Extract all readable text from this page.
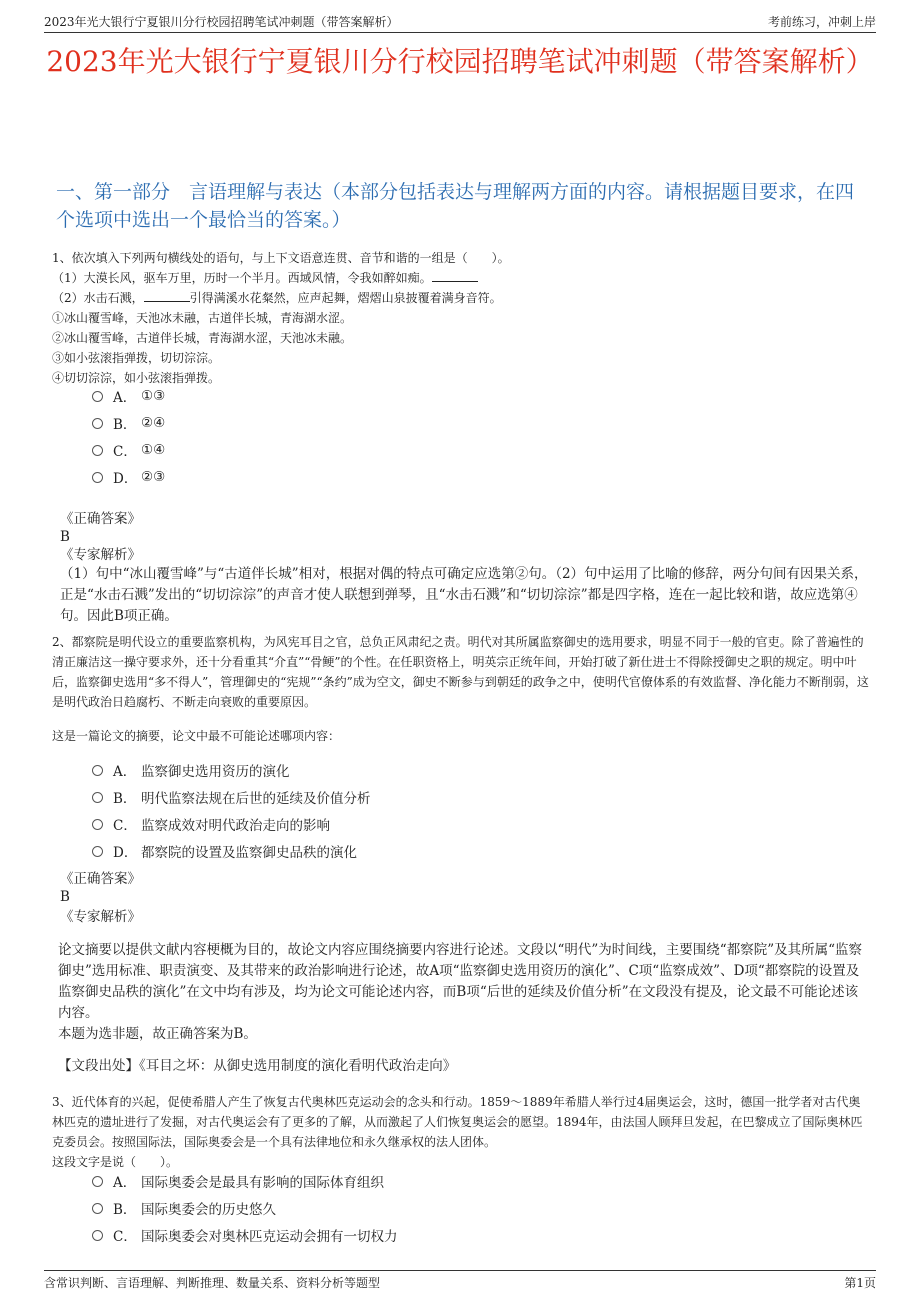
2023年光大银行宁夏银川分行校园招聘笔试冲刺题（带答案解析）	考前练习，冲刺上岸
2023年光大银行宁夏银川分行校园招聘笔试冲刺题（带答案解析）
一、第一部分　言语理解与表达（本部分包括表达与理解两方面的内容。请根据题目要求，在四个选项中选出一个最恰当的答案。）

1、依次填入下列两句横线处的语句，与上下文语意连贯、音节和谐的一组是（　　）。

（1）大漠长风，驱车万里，历时一个半月。西域风情，令我如醉如痴。

（2）水击石溅，	引得满溪水花粲然，应声起舞，熠熠山泉披覆着满身音符。

①冰山覆雪峰，天池冰未融，古道伴长城，青海湖水涩。

②冰山覆雪峰，古道伴长城，青海湖水涩，天池冰未融。

③如小弦滚指弹拨，切切淙淙。

④切切淙淙，如小弦滚指弹拨。

A． ①③
B． ②④
C． ①④
D． ②③
《正确答案》
B
《专家解析》

（1）句中“冰山覆雪峰”与“古道伴长城”相对，根据对偶的特点可确定应选第②句。（2）句中运用了比喻的修辞，两分句间有因果关系，正是“水击石溅”发出的“切切淙淙”的声音才使人联想到弹琴，且“水击石溅”和“切切淙淙”都是四字格，连在一起比较和谐，故应选第④句。因此B项正确。

2、都察院是明代设立的重要监察机构，为风宪耳目之官，总负正风肃纪之责。明代对其所属监察御史的选用要求，明显不同于一般的官吏。除了普遍性的清正廉洁这一操守要求外，还十分看重其“介直”“骨鲠”的个性。在任职资格上，明英宗正统年间，开始打破了新仕进士不得除授御史之职的规定。明中叶后，监察御史选用“多不得人”，管理御史的“宪规”“条约”成为空文，御史不断参与到朝廷的政争之中，使明代官僚体系的有效监督、净化能力不断削弱，这是明代政治日趋腐朽、不断走向衰败的重要原因。

这是一篇论文的摘要，论文中最不可能论述哪项内容：

A． 监察御史选用资历的演化
B． 明代监察法规在后世的延续及价值分析
C． 监察成效对明代政治走向的影响
D． 都察院的设置及监察御史品秩的演化
《正确答案》
B
《专家解析》

论文摘要以提供文献内容梗概为目的，故论文内容应围绕摘要内容进行论述。文段以“明代”为时间线，主要围绕“都察院”及其所属“监察御史”选用标准、职责演变、及其带来的政治影响进行论述，故A项“监察御史选用资历的演化”、C项“监察成效”、D项“都察院的设置及监察御史品秩的演化”在文中均有涉及，均为论文可能论述内容，而B项“后世的延续及价值分析”在文段没有提及，论文最不可能论述该内容。

本题为选非题，故正确答案为B。

【文段出处】《耳目之坏：从御史选用制度的演化看明代政治走向》

3、近代体育的兴起，促使希腊人产生了恢复古代奥林匹克运动会的念头和行动。1859～1889年希腊人举行过4届奥运会，这时，德国一批学者对古代奥林匹克的遗址进行了发掘，对古代奥运会有了更多的了解，从而激起了人们恢复奥运会的愿望。1894年，由法国人顾拜旦发起，在巴黎成立了国际奥林匹克委员会。按照国际法，国际奥委会是一个具有法律地位和永久继承权的法人团体。

这段文字是说（　　）。

A． 国际奥委会是最具有影响的国际体育组织
B． 国际奥委会的历史悠久
C． 国际奥委会对奥林匹克运动会拥有一切权力
含常识判断、言语理解、判断推理、数量关系、资料分析等题型	第1页
